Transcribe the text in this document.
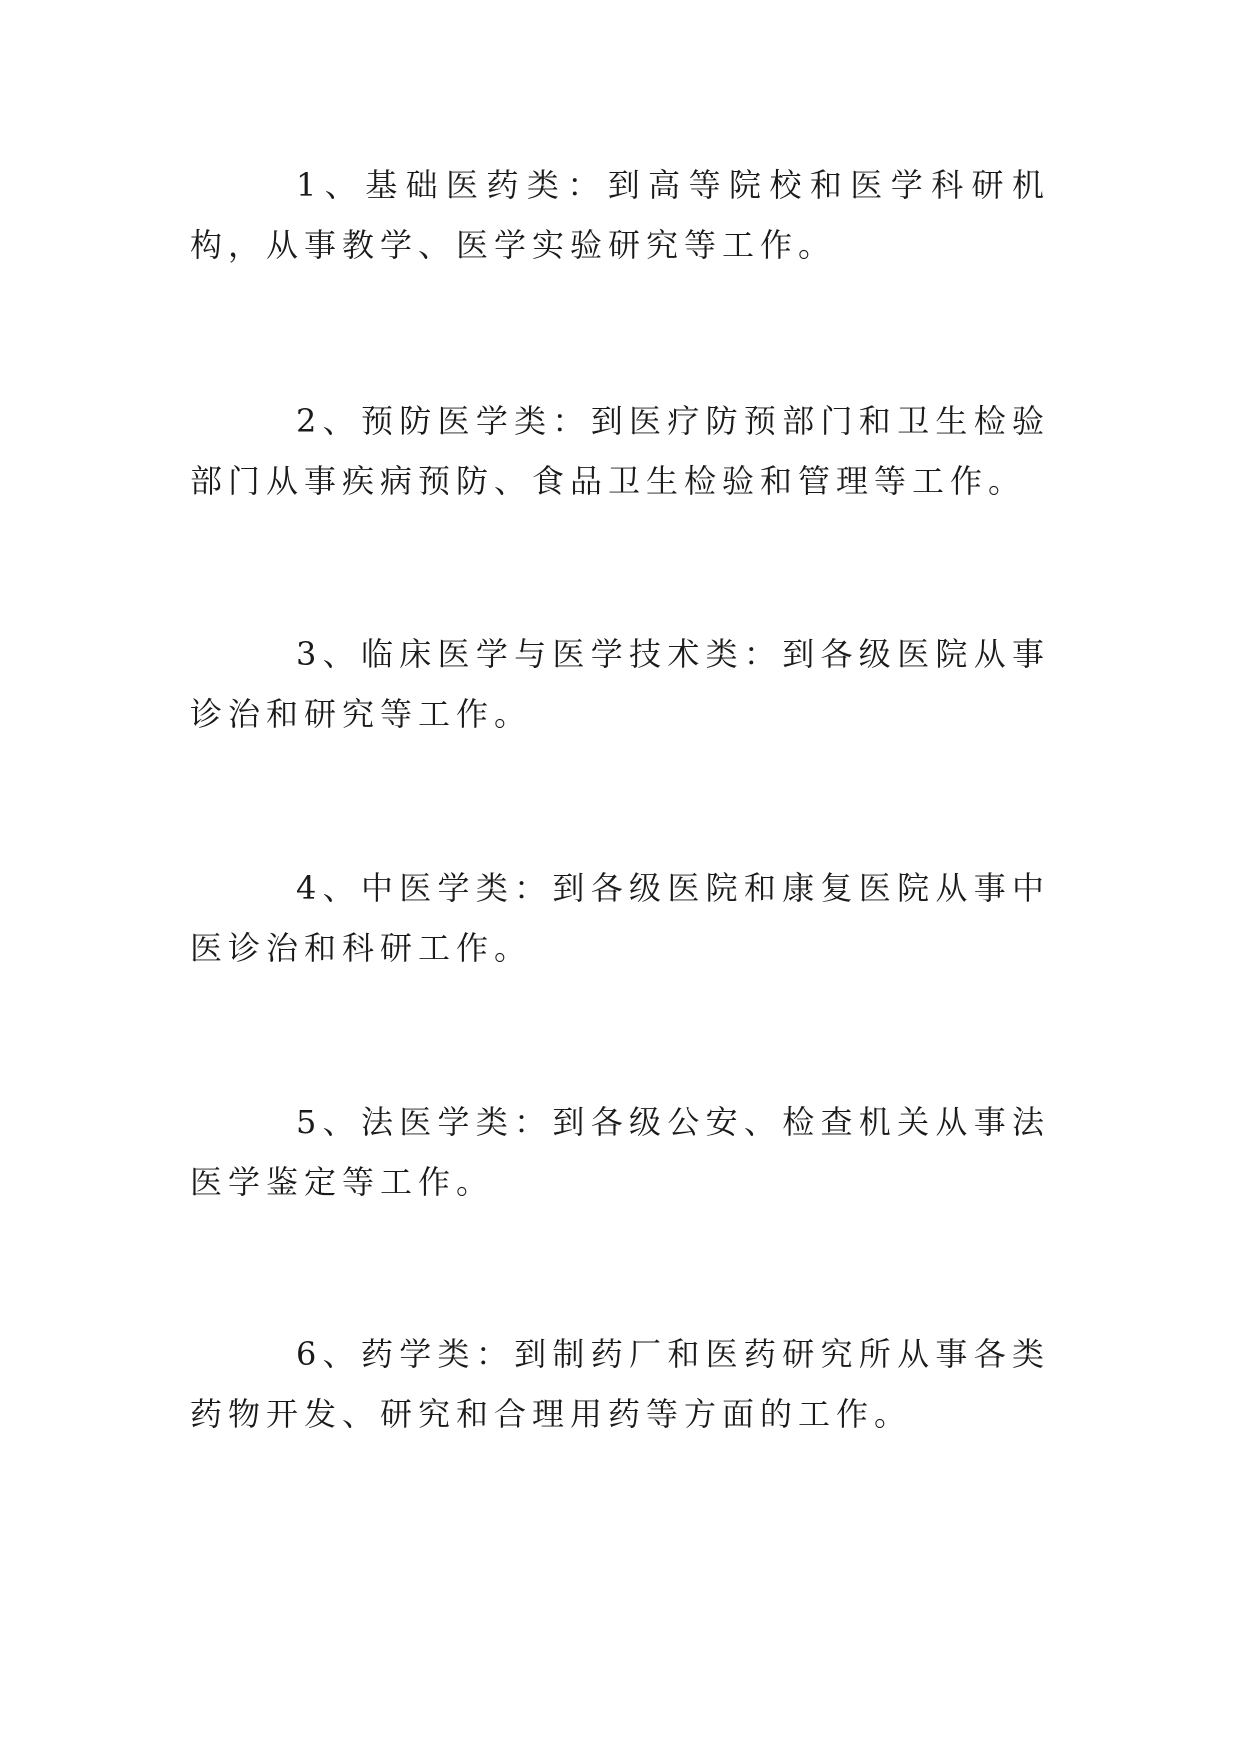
1、基础医药类：到高等院校和医学科研机构，从事教学、医学实验研究等工作。

2、预防医学类：到医疗防预部门和卫生检验部门从事疾病预防、食品卫生检验和管理等工作。

3、临床医学与医学技术类：到各级医院从事诊治和研究等工作。

4、中医学类：到各级医院和康复医院从事中医诊治和科研工作。

5、法医学类：到各级公安、检查机关从事法医学鉴定等工作。

6、药学类：到制药厂和医药研究所从事各类药物开发、研究和合理用药等方面的工作。
